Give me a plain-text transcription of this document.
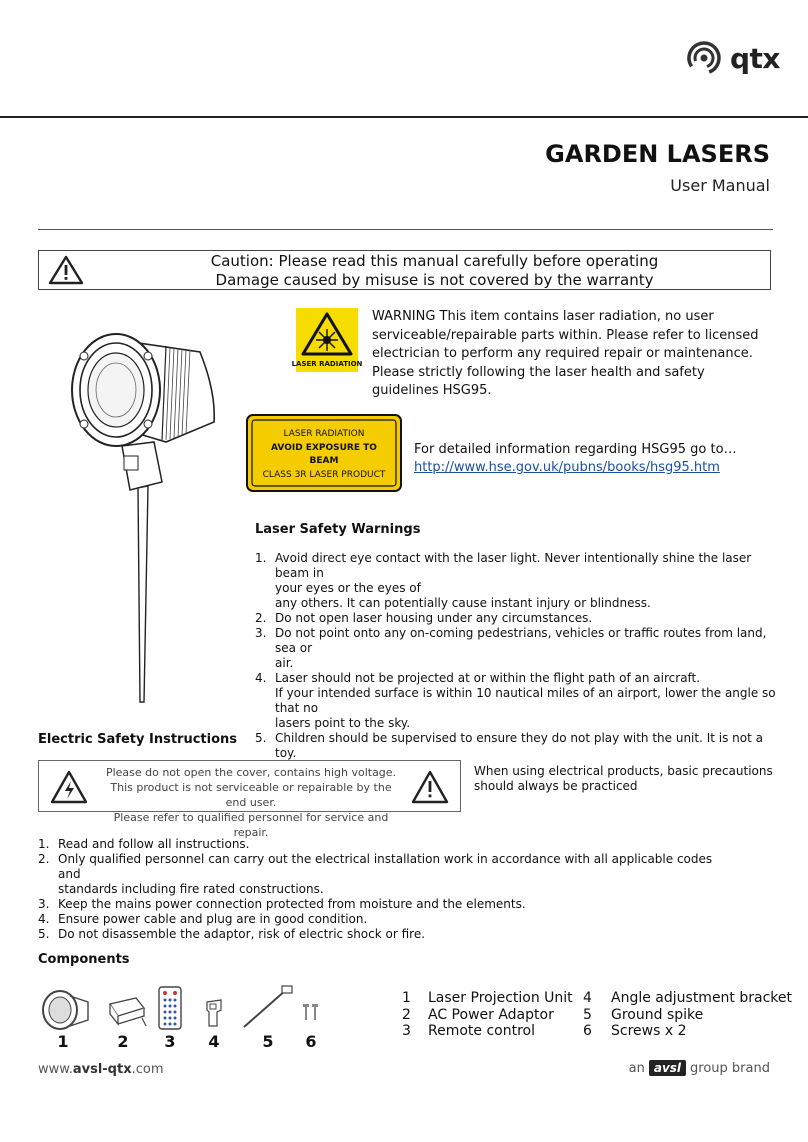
qtx
GARDEN LASERS
User Manual
Caution: Please read this manual carefully before operating
Damage caused by misuse is not covered by the warranty
LASER RADIATION
WARNING This item contains laser radiation, no user serviceable/repairable parts within. Please refer to licensed electrician to perform any required repair or maintenance. Please strictly following the laser health and safety guidelines HSG95.
LASER RADIATION
AVOID EXPOSURE TO
BEAM
CLASS 3R LASER PRODUCT
For detailed information regarding HSG95 go to…
http://www.hse.gov.uk/pubns/books/hsg95.htm
Laser Safety Warnings
1. Avoid direct eye contact with the laser light. Never intentionally shine the laser beam in
your eyes or the eyes of
any others. It can potentially cause instant injury or blindness.
2. Do not open laser housing under any circumstances.
3. Do not point onto any on-coming pedestrians, vehicles or traffic routes from land, sea or
air.
4. Laser should not be projected at or within the flight path of an aircraft.
If your intended surface is within 10 nautical miles of an airport, lower the angle so that no
lasers point to the sky.
5. Children should be supervised to ensure they do not play with the unit. It is not a toy.
Electric Safety Instructions
Please do not open the cover, contains high voltage.
This product is not serviceable or repairable by the end user.
Please refer to qualified personnel for service and repair.
When using electrical products, basic precautions should always be practiced
1. Read and follow all instructions.
2. Only qualified personnel can carry out the electrical installation work in accordance with all applicable codes and
standards including fire rated constructions.
3. Keep the mains power connection protected from moisture and the elements.
4. Ensure power cable and plug are in good condition.
5. Do not disassemble the adaptor, risk of electric shock or fire.
Components
1	2	3	4	5	6
1	Laser Projection Unit 4	Angle adjustment bracket
2	AC Power Adaptor	5	Ground spike
3	Remote control	6	Screws x 2
www.avsl-qtx.com	an avsl group brand
